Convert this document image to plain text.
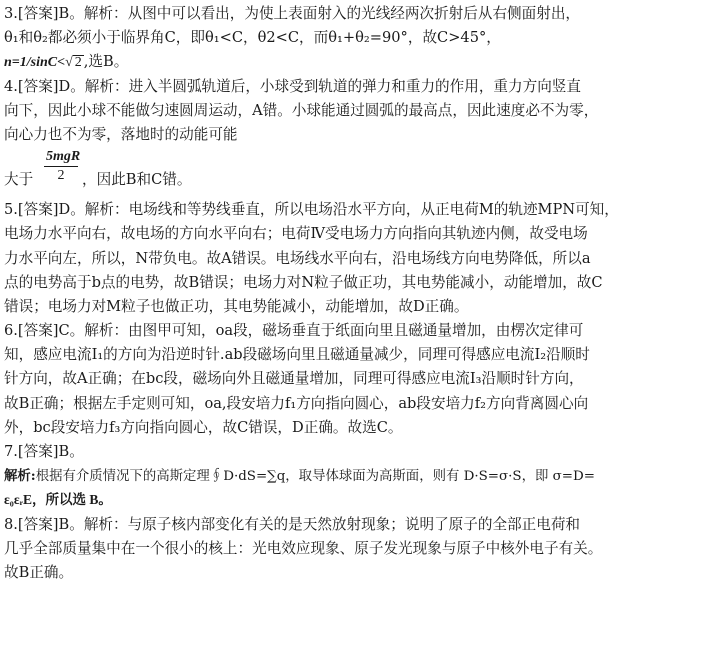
3.[答案]B。解析：从图中可以看出，为使上表面射入的光线经两次折射后从右侧面射出，
θ₁和θ₂都必须小于临界角C，即θ₁<C，θ2<C，而θ₁+θ₂=90°，故C>45°，
n=1/sinC<√ 2 ,选B。
4.[答案]D。解析：进入半圆弧轨道后，小球受到轨道的弹力和重力的作用，重力方向竖直
向下，因此小球不能做匀速圆周运动，A错。小球能通过圆弧的最高点，因此速度必不为零，
向心力也不为零，落地时的动能可能
大于
5mgR
2	，因此B和C错。
5.[答案]D。解析：电场线和等势线垂直，所以电场沿水平方向，从正电荷M的轨迹MPN可知，
电场力水平向右，故电场的方向水平向右；电荷Ⅳ受电场力方向指向其轨迹内侧，故受电场
力水平向左，所以，N带负电。故A错误。电场线水平向右，沿电场线方向电势降低，所以a
点的电势高于b点的电势，故B错误；电场力对N粒子做正功，其电势能减小，动能增加，故C
错误；电场力对M粒子也做正功，其电势能减小，动能增加，故D正确。
6.[答案]C。解析：由图甲可知，oa段，磁场垂直于纸面向里且磁通量增加，由楞次定律可
知，感应电流I₁的方向为沿逆时针.ab段磁场向里且磁通量减少，同理可得感应电流I₂沿顺时
针方向，故A正确；在bc段，磁场向外且磁通量增加，同理可得感应电流I₃沿顺时针方向，
故B正确；根据左手定则可知，oa,段安培力f₁方向指向圆心，ab段安培力f₂方向背离圆心向
外，bc段安培力f₃方向指向圆心，故C错误，D正确。故选C。
7.[答案]B。
解析:根据有介质情况下的高斯定理∮D·dS=∑q，取导体球面为高斯面，则有 D·S=σ·S，即 σ=D=
ε₀εᵣE，所以选 B。
8.[答案]B。解析：与原子核内部变化有关的是天然放射现象；说明了原子的全部正电荷和
几乎全部质量集中在一个很小的核上：光电效应现象、原子发光现象与原子中核外电子有关。
故B正确。
